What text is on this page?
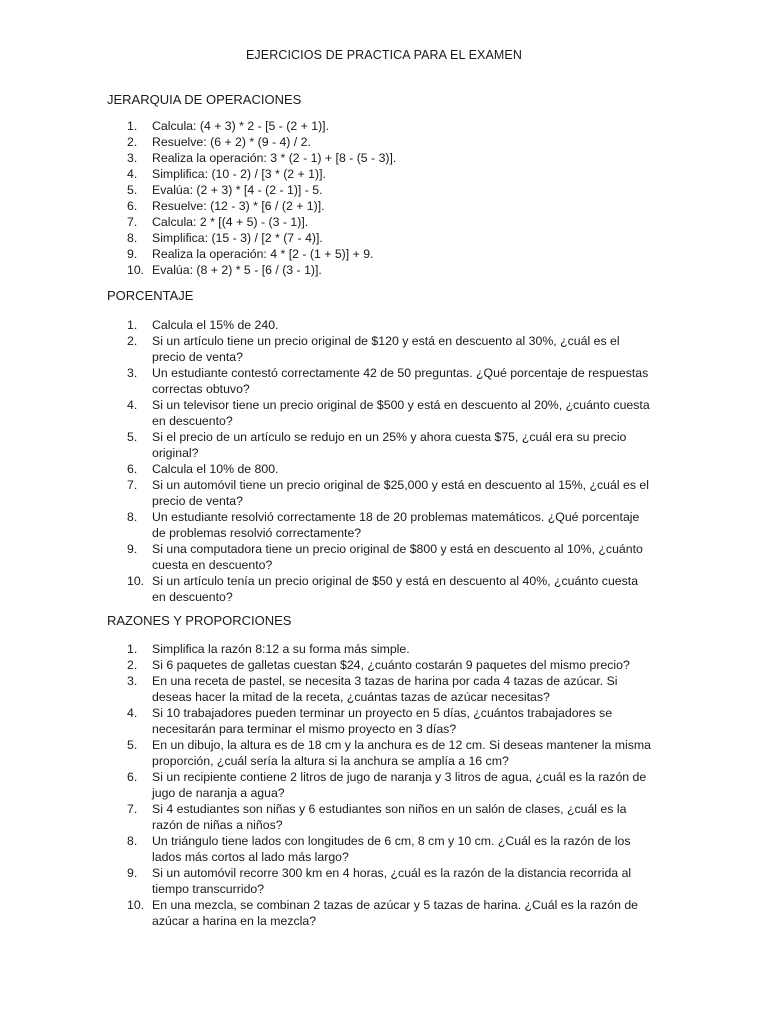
EJERCICIOS DE PRACTICA PARA EL EXAMEN
JERARQUIA DE OPERACIONES
1.	Calcula: (4 + 3) * 2 - [5 - (2 + 1)].
2.	Resuelve: (6 + 2) * (9 - 4) / 2.
3.	Realiza la operación: 3 * (2 - 1) + [8 - (5 - 3)].
4.	Simplifica: (10 - 2) / [3 * (2 + 1)].
5.	Evalúa: (2 + 3) * [4 - (2 - 1)] - 5.
6.	Resuelve: (12 - 3) * [6 / (2 + 1)].
7.	Calcula: 2 * [(4 + 5) - (3 - 1)].
8.	Simplifica: (15 - 3) / [2 * (7 - 4)].
9.	Realiza la operación: 4 * [2 - (1 + 5)] + 9.
10. Evalúa: (8 + 2) * 5 - [6 / (3 - 1)].
PORCENTAJE
1.	Calcula el 15% de 240.
2.	Si un artículo tiene un precio original de $120 y está en descuento al 30%, ¿cuál es el
precio de venta?
3.	Un estudiante contestó correctamente 42 de 50 preguntas. ¿Qué porcentaje de respuestas
correctas obtuvo?
4.	Si un televisor tiene un precio original de $500 y está en descuento al 20%, ¿cuánto cuesta
en descuento?
5.	Si el precio de un artículo se redujo en un 25% y ahora cuesta $75, ¿cuál era su precio
original?
6.	Calcula el 10% de 800.
7.	Si un automóvil tiene un precio original de $25,000 y está en descuento al 15%, ¿cuál es el
precio de venta?
8.	Un estudiante resolvió correctamente 18 de 20 problemas matemáticos. ¿Qué porcentaje
de problemas resolvió correctamente?
9.	Si una computadora tiene un precio original de $800 y está en descuento al 10%, ¿cuánto
cuesta en descuento?
10. Si un artículo tenía un precio original de $50 y está en descuento al 40%, ¿cuánto cuesta
en descuento?
RAZONES Y PROPORCIONES
1.	Simplifica la razón 8:12 a su forma más simple.
2.	Si 6 paquetes de galletas cuestan $24, ¿cuánto costarán 9 paquetes del mismo precio?
3.	En una receta de pastel, se necesita 3 tazas de harina por cada 4 tazas de azúcar. Si
deseas hacer la mitad de la receta, ¿cuántas tazas de azúcar necesitas?
4.	Si 10 trabajadores pueden terminar un proyecto en 5 días, ¿cuántos trabajadores se
necesitarán para terminar el mismo proyecto en 3 días?
5.	En un dibujo, la altura es de 18 cm y la anchura es de 12 cm. Si deseas mantener la misma
proporción, ¿cuál sería la altura si la anchura se amplía a 16 cm?
6.	Si un recipiente contiene 2 litros de jugo de naranja y 3 litros de agua, ¿cuál es la razón de
jugo de naranja a agua?
7.	Si 4 estudiantes son niñas y 6 estudiantes son niños en un salón de clases, ¿cuál es la
razón de niñas a niños?
8.	Un triángulo tiene lados con longitudes de 6 cm, 8 cm y 10 cm. ¿Cuál es la razón de los
lados más cortos al lado más largo?
9.	Si un automóvil recorre 300 km en 4 horas, ¿cuál es la razón de la distancia recorrida al
tiempo transcurrido?
10. En una mezcla, se combinan 2 tazas de azúcar y 5 tazas de harina. ¿Cuál es la razón de
azúcar a harina en la mezcla?
